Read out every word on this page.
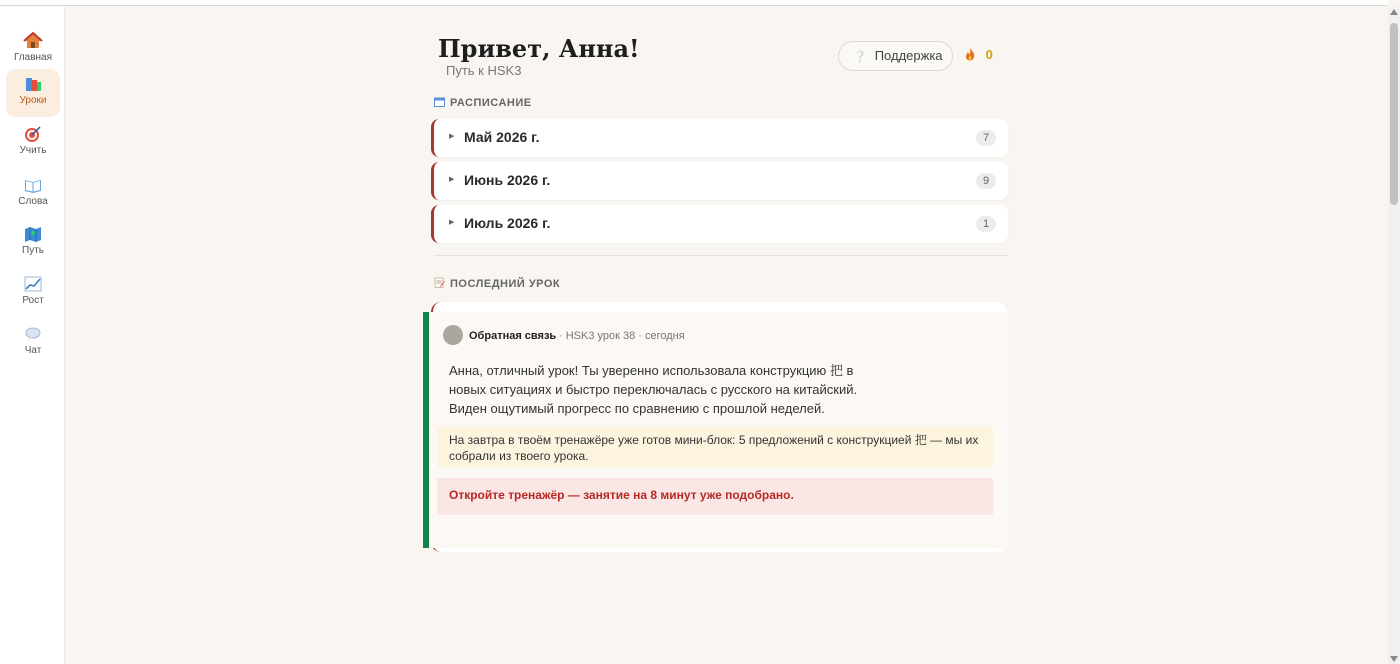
Главная
Уроки
Учить
Слова
Путь
Рост
Чат
Привет, Анна!
Путь к HSK3
❔ Поддержка	0
РАСПИСАНИЕ
▶ Май 2026 г.	7
▶ Июнь 2026 г.	9
▶ Июль 2026 г.	1
ПОСЛЕДНИЙ УРОК
Обратная связь · HSK3 урок 38 · сегодня
Анна, отличный урок! Ты уверенно использовала конструкцию 把 в новых ситуациях и быстро переключалась с русского на китайский. Виден ощутимый прогресс по сравнению с прошлой неделей.
На завтра в твоём тренажёре уже готов мини-блок: 5 предложений с конструкцией 把 — мы их собрали из твоего урока.
Откройте тренажёр — занятие на 8 минут уже подобрано.
